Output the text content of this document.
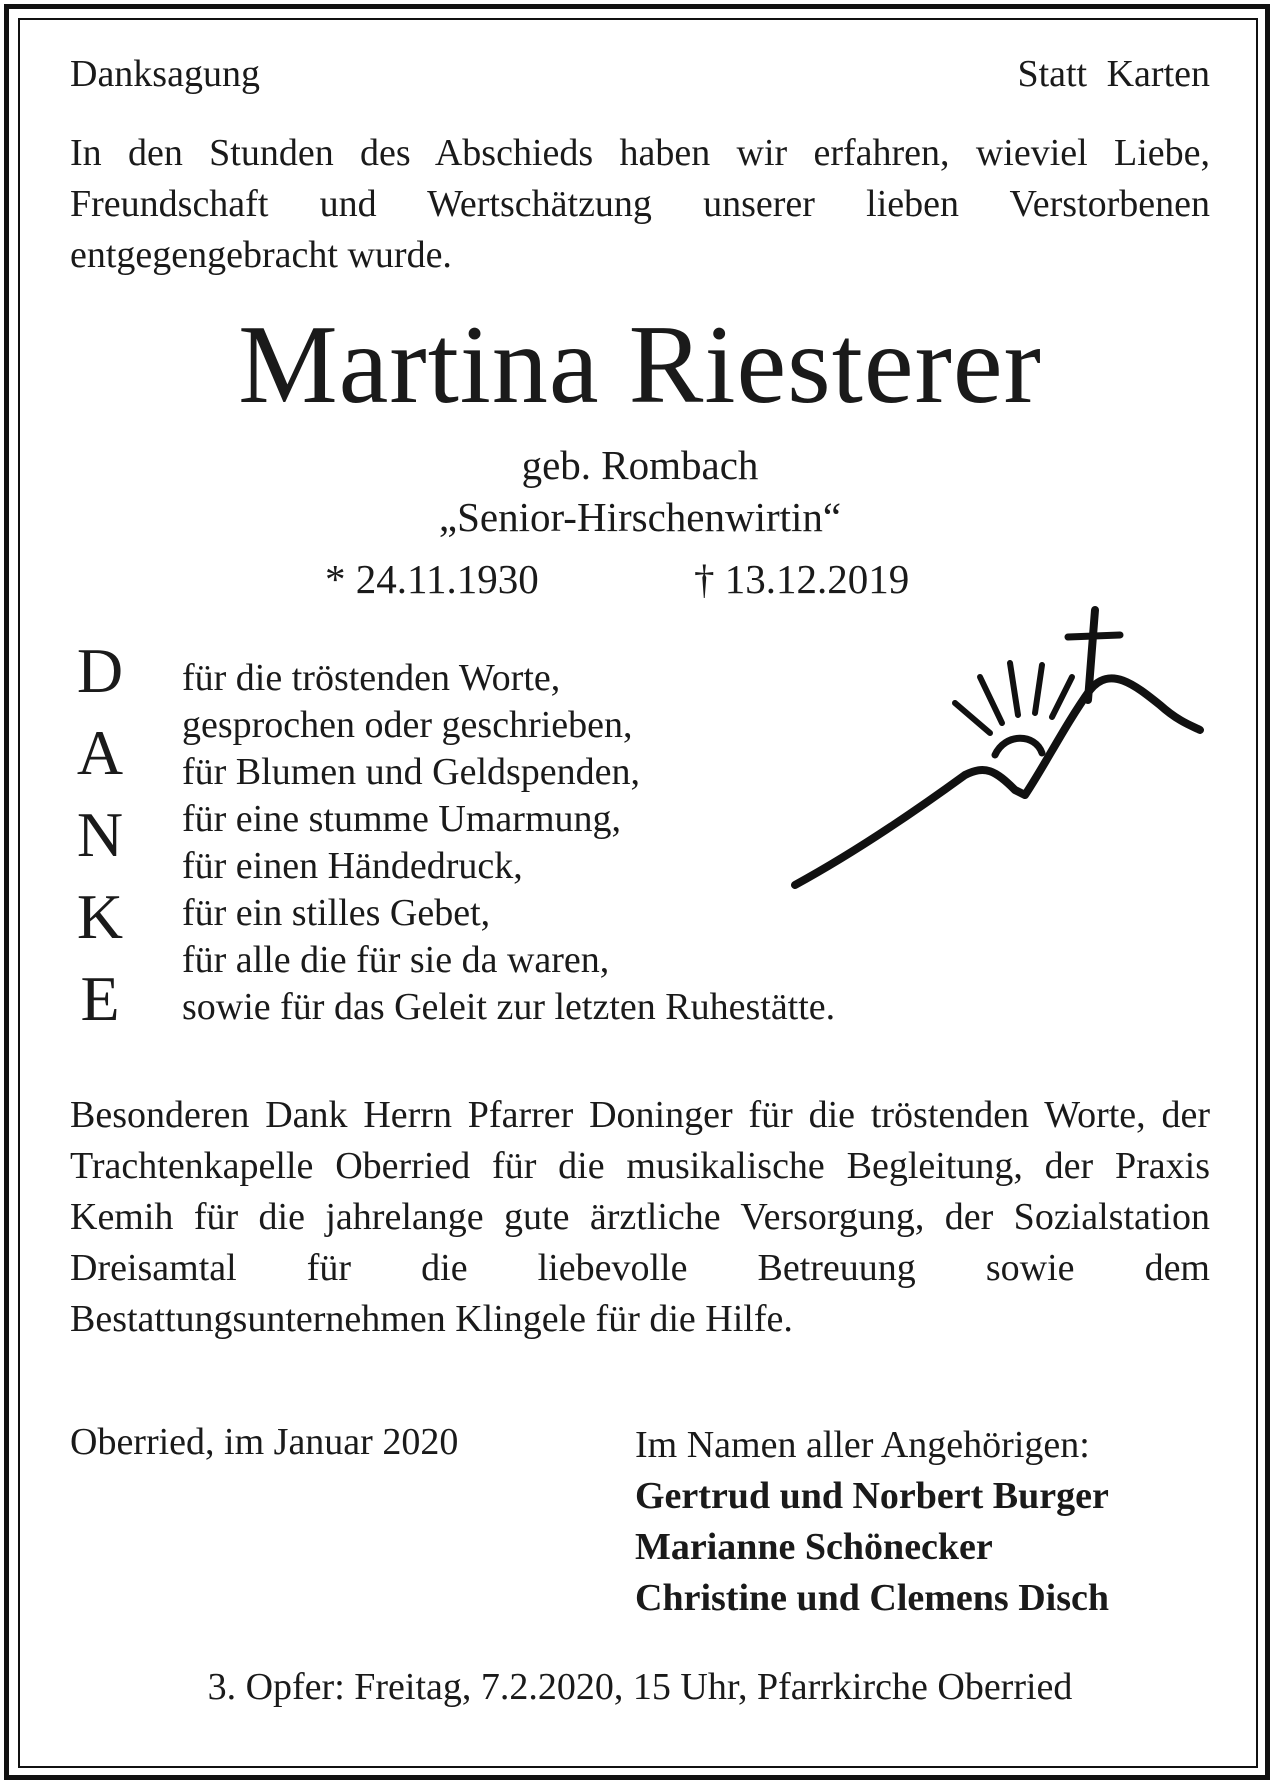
Danksagung	Statt Karten
In den Stunden des Abschieds haben wir erfahren, wieviel Liebe, Freundschaft und Wertschätzung unserer lieben Verstorbenen entgegengebracht wurde.
Martina Riesterer
geb. Rombach
„Senior-Hirschenwirtin“
* 24.11.1930	† 13.12.2019
D
A
N
K
E
für die tröstenden Worte,
gesprochen oder geschrieben,
für Blumen und Geldspenden,
für eine stumme Umarmung,
für einen Händedruck,
für ein stilles Gebet,
für alle die für sie da waren,
sowie für das Geleit zur letzten Ruhestätte.
Besonderen Dank Herrn Pfarrer Doninger für die tröstenden Worte, der Trachtenkapelle Oberried für die musikalische Begleitung, der Praxis Kemih für die jahrelange gute ärztliche Versorgung, der Sozialstation Dreisamtal für die liebevolle Betreuung sowie dem Bestattungsunternehmen Klingele für die Hilfe.
Oberried, im Januar 2020	Im Namen aller Angehörigen:
Gertrud und Norbert Burger
Marianne Schönecker
Christine und Clemens Disch
3. Opfer: Freitag, 7.2.2020, 15 Uhr, Pfarrkirche Oberried
